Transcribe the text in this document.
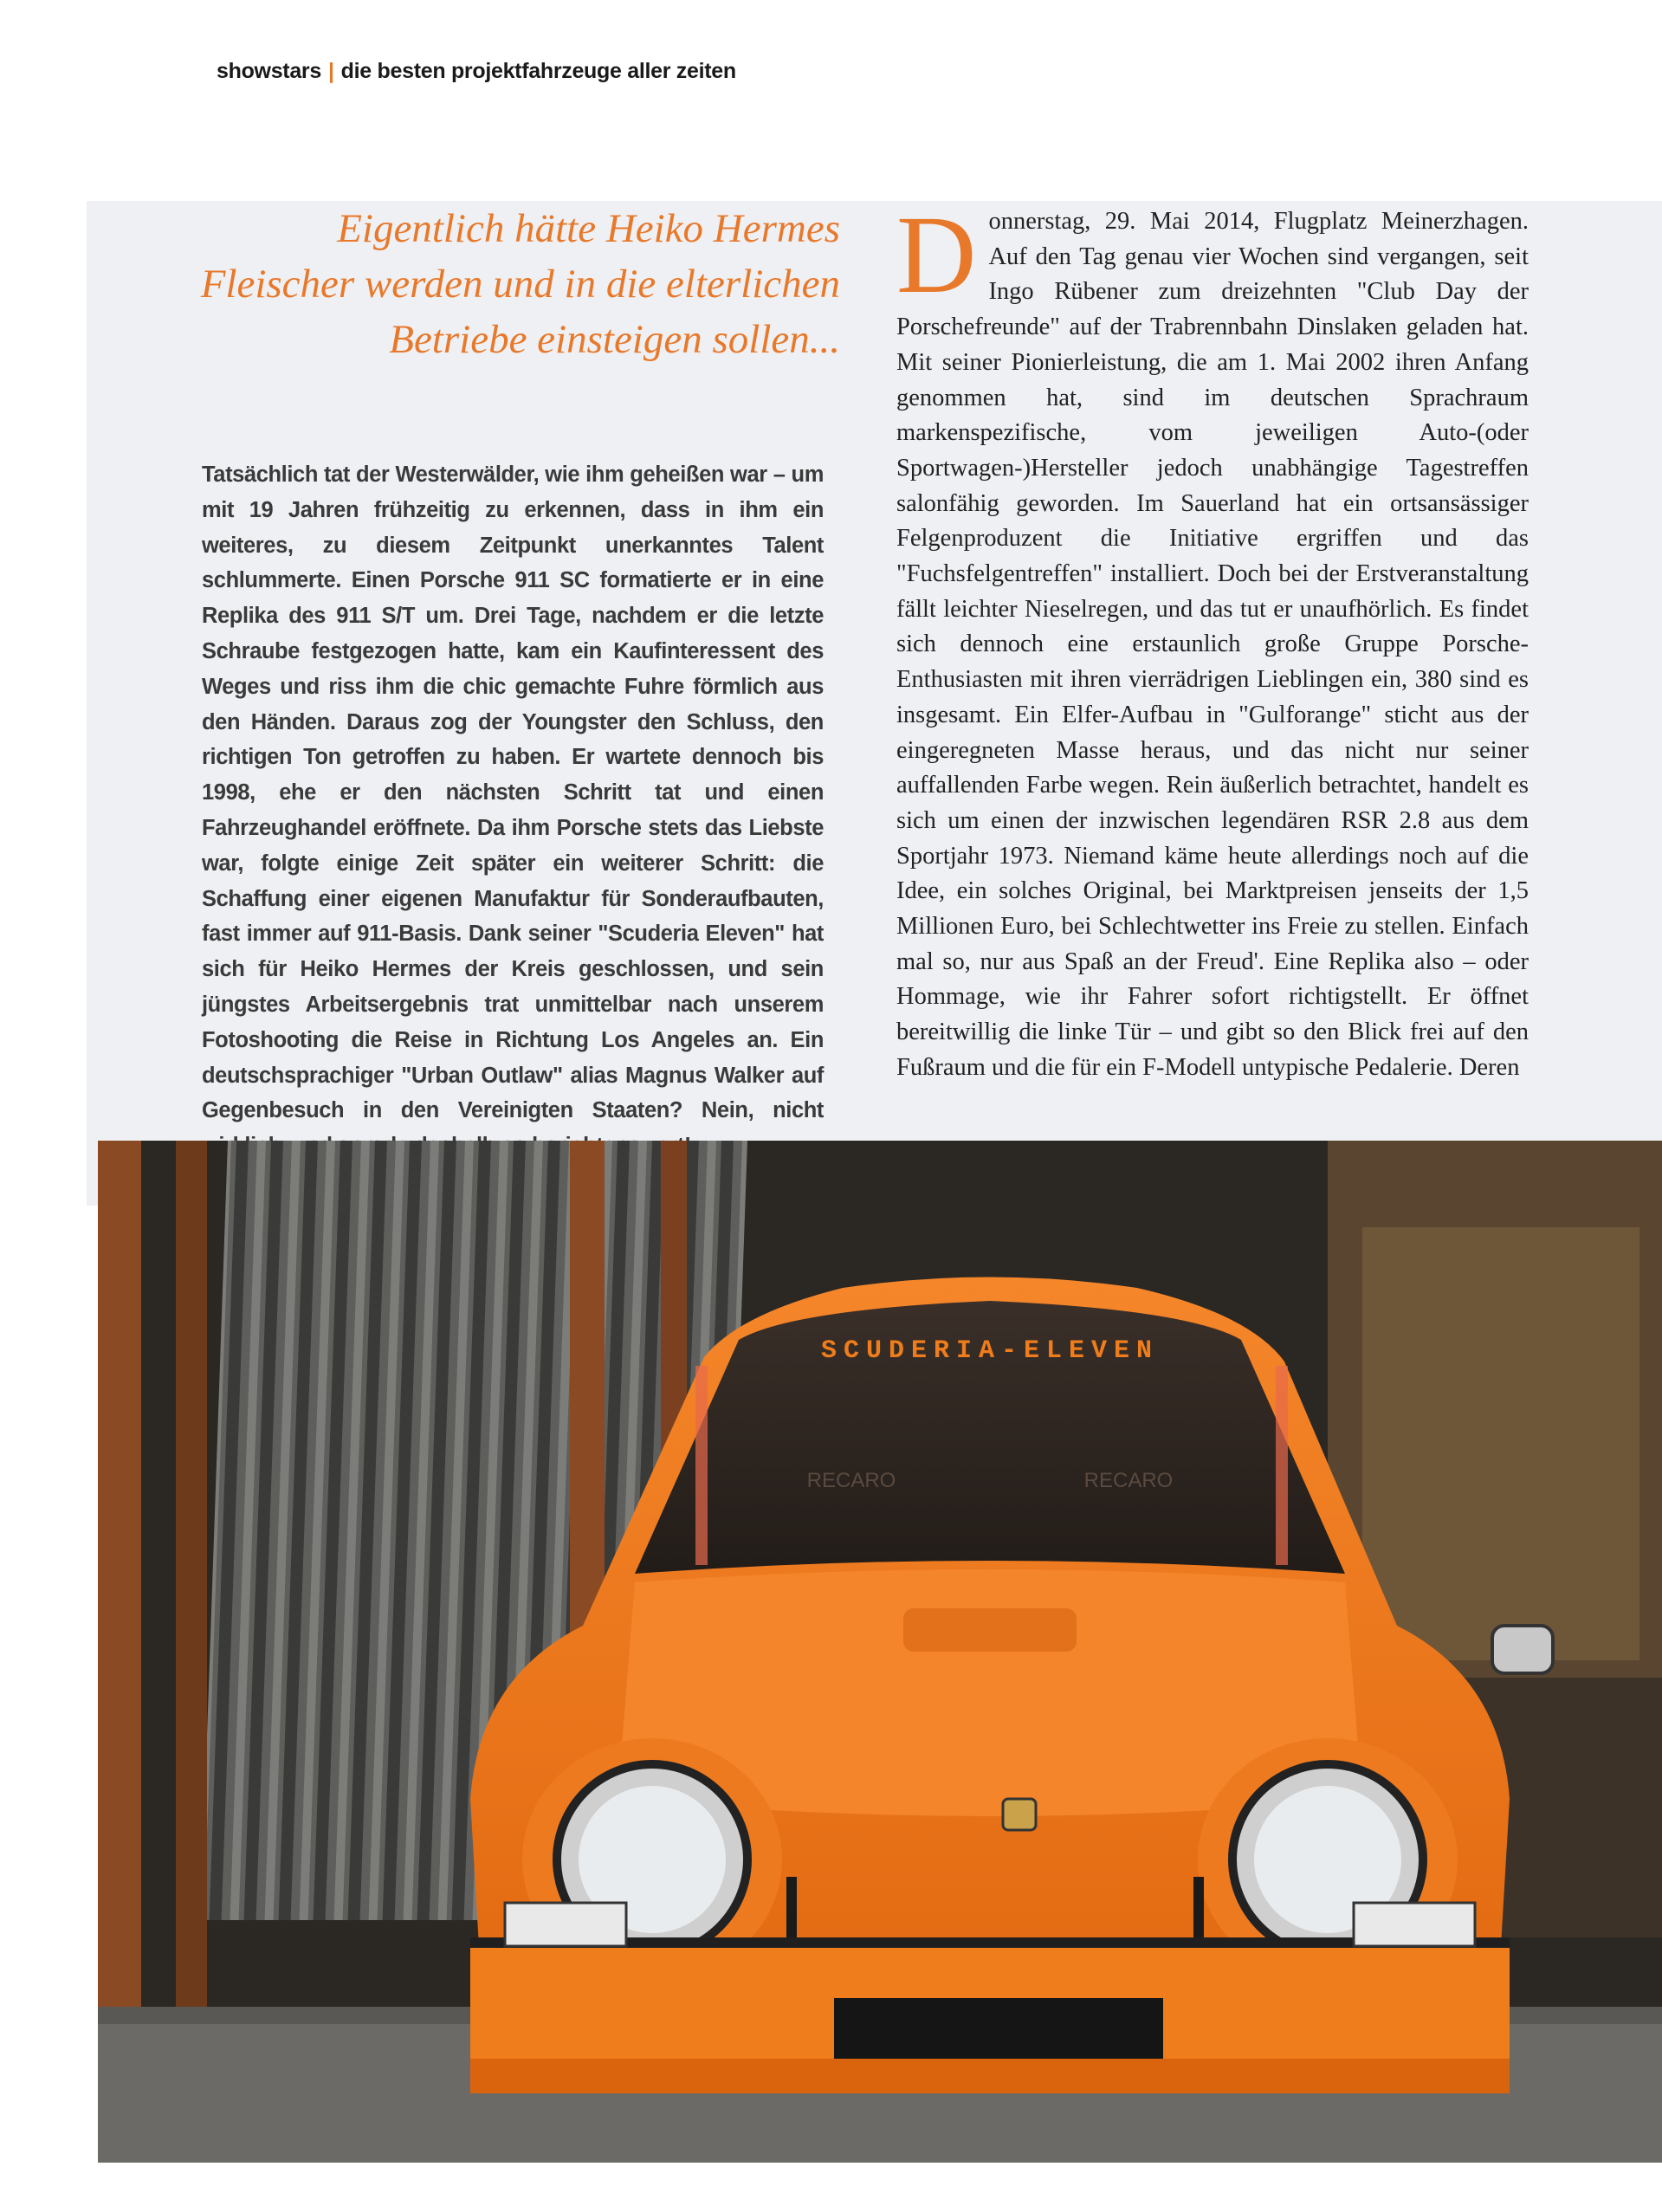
showstars | die besten projektfahrzeuge aller zeiten
Eigentlich hätte Heiko Hermes Fleischer werden und in die elterlichen Betriebe einsteigen sollen...
Tatsächlich tat der Westerwälder, wie ihm geheißen war – um mit 19 Jahren frühzeitig zu erkennen, dass in ihm ein weiteres, zu diesem Zeitpunkt unerkanntes Talent schlummerte. Einen Porsche 911 SC formatierte er in eine Replika des 911 S/T um. Drei Tage, nachdem er die letzte Schraube festgezogen hatte, kam ein Kaufinteressent des Weges und riss ihm die chic gemachte Fuhre förmlich aus den Händen. Daraus zog der Youngster den Schluss, den richtigen Ton getroffen zu haben. Er wartete dennoch bis 1998, ehe er den nächsten Schritt tat und einen Fahrzeughandel eröffnete. Da ihm Porsche stets das Liebste war, folgte einige Zeit später ein weiterer Schritt: die Schaffung einer eigenen Manufaktur für Sonderaufbauten, fast immer auf 911-Basis. Dank seiner "Scuderia Eleven" hat sich für Heiko Hermes der Kreis geschlossen, und sein jüngstes Arbeitsergebnis trat unmittelbar nach unserem Fotoshooting die Reise in Richtung Los Angeles an. Ein deutschsprachiger "Urban Outlaw" alias Magnus Walker auf Gegenbesuch in den Vereinigten Staaten? Nein, nicht
Donnerstag, 29. Mai 2014, Flugplatz Meinerzhagen. Auf den Tag genau vier Wochen sind vergangen, seit Ingo Rübener zum dreizehnten "Club Day der Porschefreunde" auf der Trabrennbahn Dinslaken geladen hat. Mit seiner Pionierleistung, die am 1. Mai 2002 ihren Anfang genommen hat, sind im deutschen Sprachraum markenspezifische, vom jeweiligen Auto-(oder Sportwagen-)Hersteller jedoch unabhängige Tagestreffen salonfähig geworden. Im Sauerland hat ein ortsansässiger Felgenproduzent die Initiative ergriffen und das "Fuchsfelgentreffen" installiert. Doch bei der Erstveranstaltung fällt leichter Nieselregen, und das tut er unaufhörlich. Es findet sich dennoch eine erstaunlich große Gruppe Porsche-Enthusiasten mit ihren vierrädrigen Lieblingen ein, 380 sind es insgesamt. Ein Elfer-Aufbau in "Gulforange" sticht aus der eingeregneten Masse heraus, und das nicht nur seiner auffallenden Farbe wegen. Rein äußerlich betrachtet, handelt es sich um einen der inzwischen legendären RSR 2.8 aus dem Sportjahr 1973. Niemand käme heute allerdings noch auf die Idee, ein solches Original, bei Marktpreisen jenseits der 1,5 Millionen Euro, bei Schlechtwetter ins Freie zu stellen. Einfach mal so, nur aus Spaß an der Freud'. Eine Replika also – oder Hommage, wie ihr Fahrer sofort richtigstellt. Er öffnet bereitwillig die linke Tür – und gibt so den Blick frei auf den Fußraum und die für ein F-Modell untypische Pedalerie. Deren
SCUDERIA-ELEVEN
RECARO	RECARO
